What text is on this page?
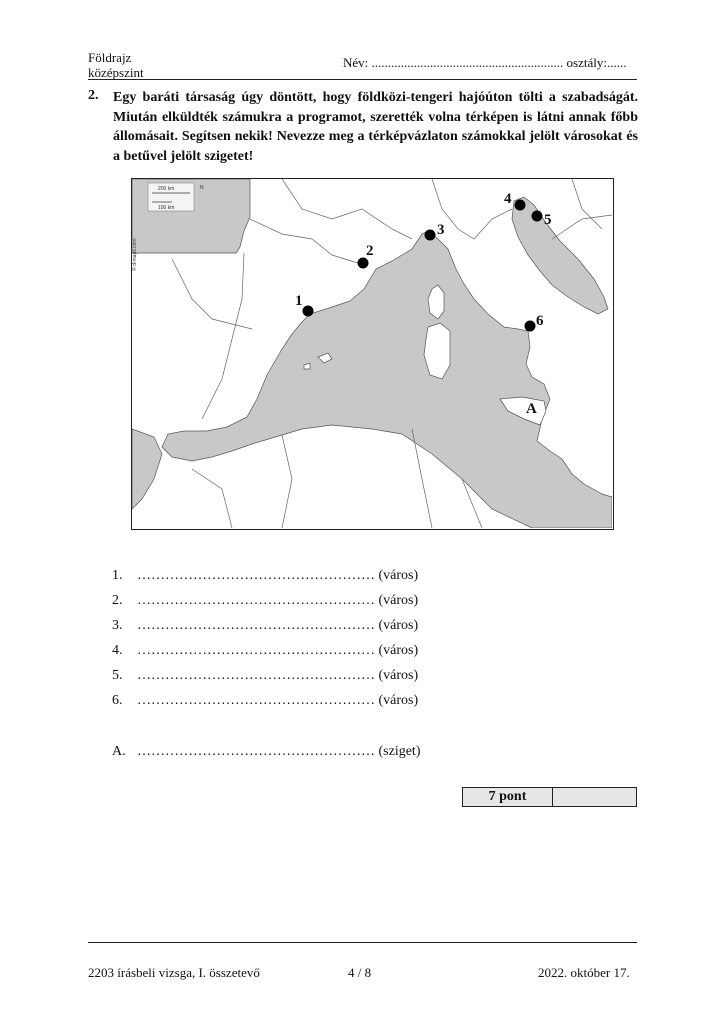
Földrajz
középszint
Név: ........................................................... osztály:......
2. Egy baráti társaság úgy döntött, hogy földközi-tengeri hajóúton tölti a szabadságát. Miután elküldték számukra a programot, szerették volna térképen is látni annak főbb állomásait. Segítsen nekik! Nevezze meg a térképvázlaton számokkal jelölt városokat és a betűvel jelölt szigetet!
200 km
100 km
N
© d-maps.com
1
2
3
4
5
6
A
1. …………………………………………… (város)
2. …………………………………………… (város)
3. …………………………………………… (város)
4. …………………………………………… (város)
5. …………………………………………… (város)
6. …………………………………………… (város)
A. …………………………………………… (sziget)
7 pont
2203 írásbeli vizsga, I. összetevő	4 / 8	2022. október 17.
